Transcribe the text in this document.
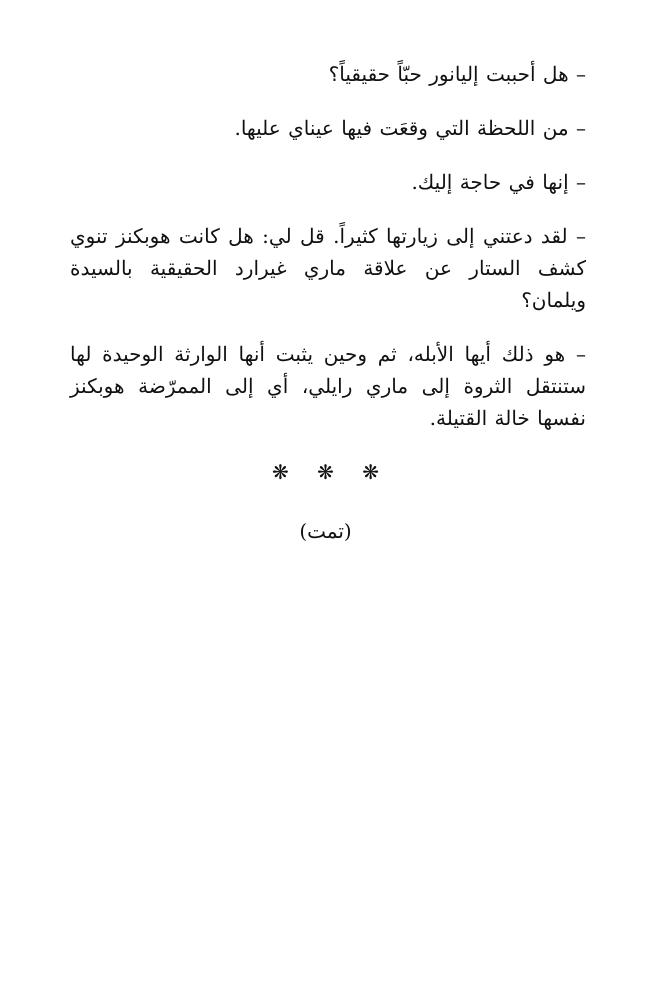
– هل أحببت إليانور حبّاً حقيقياً؟

– من اللحظة التي وقعَت فيها عيناي عليها.

– إنها في حاجة إليك.

– لقد دعتني إلى زيارتها كثيراً. قل لي: هل كانت هوبكنز تنوي كشف الستار عن علاقة ماري غيرارد الحقيقية بالسيدة ويلمان؟

– هو ذلك أيها الأبله، ثم وحين يثبت أنها الوارثة الوحيدة لها ستنتقل الثروة إلى ماري رايلي، أي إلى الممرّضة هوبكنز نفسها خالة القتيلة.

❋ ❋ ❋
(تمت)
